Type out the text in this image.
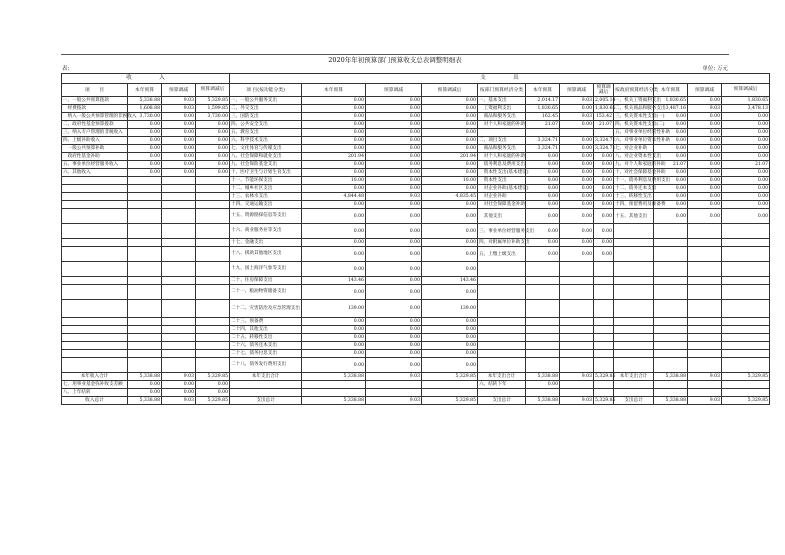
2020年年初预算部门预算收支总表调整明细表
表:	单位: 万元
收　　　　　入				支　　　　　出											
项　　目	本年预算	预算调减	预算调减后	项 目(按功能分类)	本年预算	预算调减	预算调减后	按部门预算经济分类	本年预算	预算调减	预算调减后	按政府预算经济分类	本年预算	预算调减	预算调减后
一、一般公共预算拨款	5,338.88	9.03	5,329.85	一、一般公共服务支出	0.00	0.00	0.00	一、基本支出	2,014.17	9.03	2,005.14	一、机关工资福利支出	1,830.65	0.00	1,830.65
　经费拨款	1,608.88	9.03	1,599.85	二、外交支出	0.00	0.00	0.00	　工资福利支出	1,830.65	0.00	1,830.65	二、机关商品和服务支出	3,487.16	9.03	3,478.13
　纳入一般公共预算管理的非税收入	3,730.00	0.00	3,730.00	三、国防支出	0.00	0.00	0.00	　商品和服务支出	162.45	9.03	153.42	三、机关资本性支出(一)	0.00	0.00	0.00
二、政府性基金预算拨款	0.00	0.00	0.00	四、公共安全支出	0.00	0.00	0.00	　对个人和家庭的补助	21.07	0.00	21.07	四、机关资本性支出(二)	0.00	0.00	0.00
三、纳入专户管理的非税收入	0.00	0.00	0.00	五、教育支出	0.00	0.00	0.00					五、对事业单位经常性补助	0.00	0.00	0.00
四、上级补助收入	0.00	0.00	0.00	六、科学技术支出	0.00	0.00	0.00	二、项目支出	3,324.71	0.00	3,324.71	六、对事业单位资本性补助	0.00	0.00	0.00
　一般公共预算补助	0.00	0.00	0.00	七、文化体育与传媒支出	0.00	0.00	0.00	　商品和服务支出	3,324.71	0.00	3,324.71	七、对企业补助	0.00	0.00	0.00
　政府性基金补助	0.00	0.00	0.00	八、社会保障和就业支出	201.94	0.00	201.94	　对个人和家庭的补助	0.00	0.00	0.00	八、对企业资本性支出	0.00	0.00	0.00
五、事业单位经营服务收入	0.00	0.00	0.00	九、社会保险基金支出	0.00	0.00	0.00	　债务利息及费用支出	0.00	0.00	0.00	九、对个人和家庭的补助	21.07	0.00	21.07
六、其他收入	0.00	0.00	0.00	十、医疗卫生与计划生育支出	0.00	0.00	0.00	　资本性支出(基本建设)	0.00	0.00	0.00	十、对社会保障基金补助	0.00	0.00	0.00
				十一、节能环保支出	10.00	0.00	10.00	　资本性支出	0.00	0.00	0.00	十一、债务利息及费用支出	0.00	0.00	0.00
				十二、城乡社区支出	0.00	0.00	0.00	　对企业补助(基本建设)	0.00	0.00	0.00	十二、债务还本支出	0.00	0.00	0.00
				十三、农林水支出	4,844.48	9.03	4,835.45	　对企业补助	0.00	0.00	0.00	十三、转移性支出	0.00	0.00	0.00
				十四、交通运输支出	0.00	0.00	0.00	　对社会保障基金补助	0.00	0.00	0.00	十四、预留费用及预备费	0.00	0.00	0.00
				十五、资源勘探信息等支出	0.00	0.00	0.00	　其他支出	0.00	0.00	0.00	十五、其他支出	0.00	0.00	0.00
				十六、商业服务业等支出	0.00	0.00	0.00	三、事业单位经营服务支出	0.00	0.00	0.00				
				十七、金融支出	0.00	0.00	0.00	四、对附属单位补助支出	0.00	0.00	0.00				
				十八、援助其他地区支出	0.00	0.00	0.00	五、上缴上级支出	0.00	0.00	0.00				
				十九、国土海洋气象等支出	0.00	0.00	0.00								
				二十、住房保障支出	143.46	0.00	143.46								
				二十一、粮油物资储备支出	0.00	0.00	0.00								
				二十二、灾害防治及应急管理支出	139.00	0.00	139.00								
				二十三、预备费	0.00	0.00	0.00								
				二十四、其他支出	0.00	0.00	0.00								
				二十五、转移性支出	0.00	0.00	0.00								
				二十六、债务还本支出	0.00	0.00	0.00								
				二十七、债务付息支出	0.00	0.00	0.00								
				二十八、债务发行费用支出	0.00	0.00	0.00								
本年收入合计	5,338.88	9.03	5,329.85	本年支出合计	5,338.88	9.03	5,329.85	本年支出合计	5,338.88	9.03	5,329.85	本年支出合计	5,338.88	9.03	5,329.85
七、用事业基金弥补收支差额	0.00	0.00	0.00					六、结转下年	0.00						
八、上年结转	0.00	0.00	0.00												
收入总计	5,338.88	9.03	5,329.85	支出总计	5,338.88	9.03	5,329.85	支出总计	5,338.88	9.03	5,329.85	支出总计	5,338.88	9.03	5,329.85
